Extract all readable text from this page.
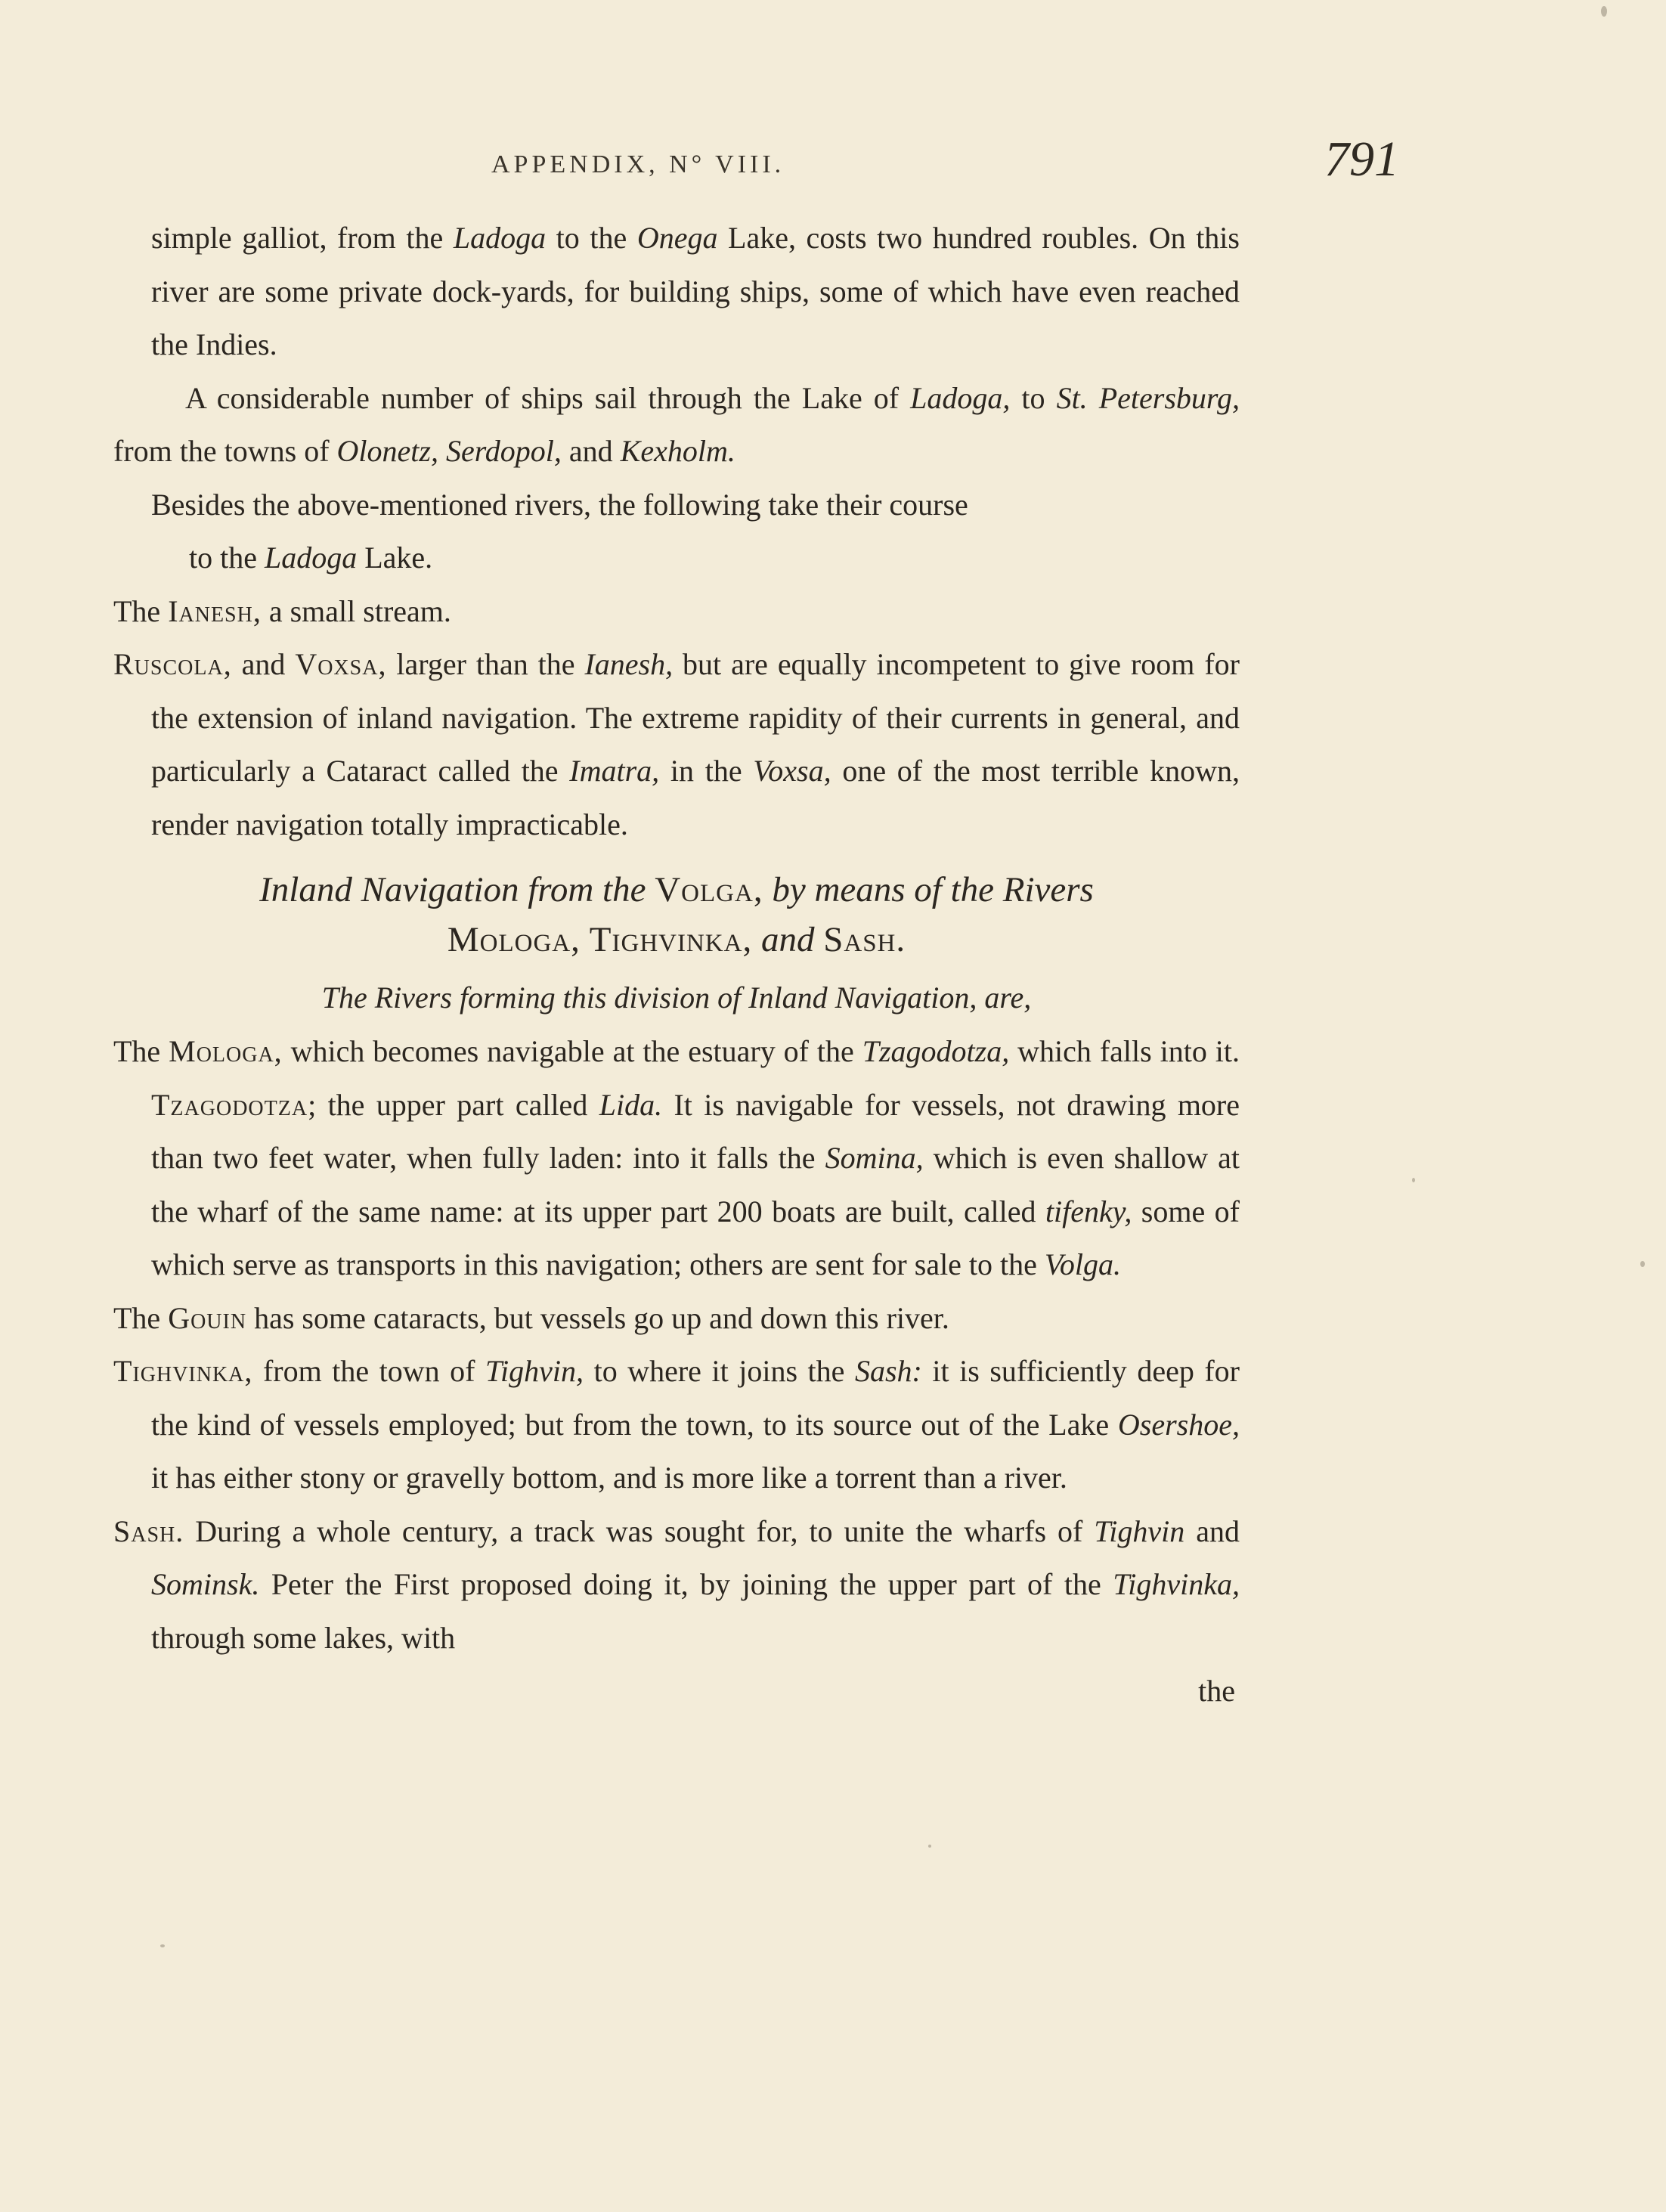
APPENDIX, N° VIII.	791

simple galliot, from the Ladoga to the Onega Lake, costs two hundred roubles. On this river are some private dock-yards, for building ships, some of which have even reached the Indies.

A considerable number of ships sail through the Lake of Ladoga, to St. Petersburg, from the towns of Olonetz, Serdopol, and Kexholm.

Besides the above-mentioned rivers, the following take their course

to the Ladoga Lake.

The Ianesh, a small stream.

Ruscola, and Voxsa, larger than the Ianesh, but are equally incompetent to give room for the extension of inland navigation. The extreme rapidity of their currents in general, and particularly a Cataract called the Imatra, in the Voxsa, one of the most terrible known, render navigation totally impracticable.

Inland Navigation from the Volga, by means of the Rivers
Mologa, Tighvinka, and Sash.
The Rivers forming this division of Inland Navigation, are,

The Mologa, which becomes navigable at the estuary of the Tzagodotza, which falls into it. Tzagodotza; the upper part called Lida. It is navigable for vessels, not drawing more than two feet water, when fully laden: into it falls the Somina, which is even shallow at the wharf of the same name: at its upper part 200 boats are built, called tifenky, some of which serve as transports in this navigation; others are sent for sale to the Volga.

The Gouin has some cataracts, but vessels go up and down this river.

Tighvinka, from the town of Tighvin, to where it joins the Sash: it is sufficiently deep for the kind of vessels employed; but from the town, to its source out of the Lake Osershoe, it has either stony or gravelly bottom, and is more like a torrent than a river.

Sash. During a whole century, a track was sought for, to unite the wharfs of Tighvin and Sominsk. Peter the First proposed doing it, by joining the upper part of the Tighvinka, through some lakes, with

the
